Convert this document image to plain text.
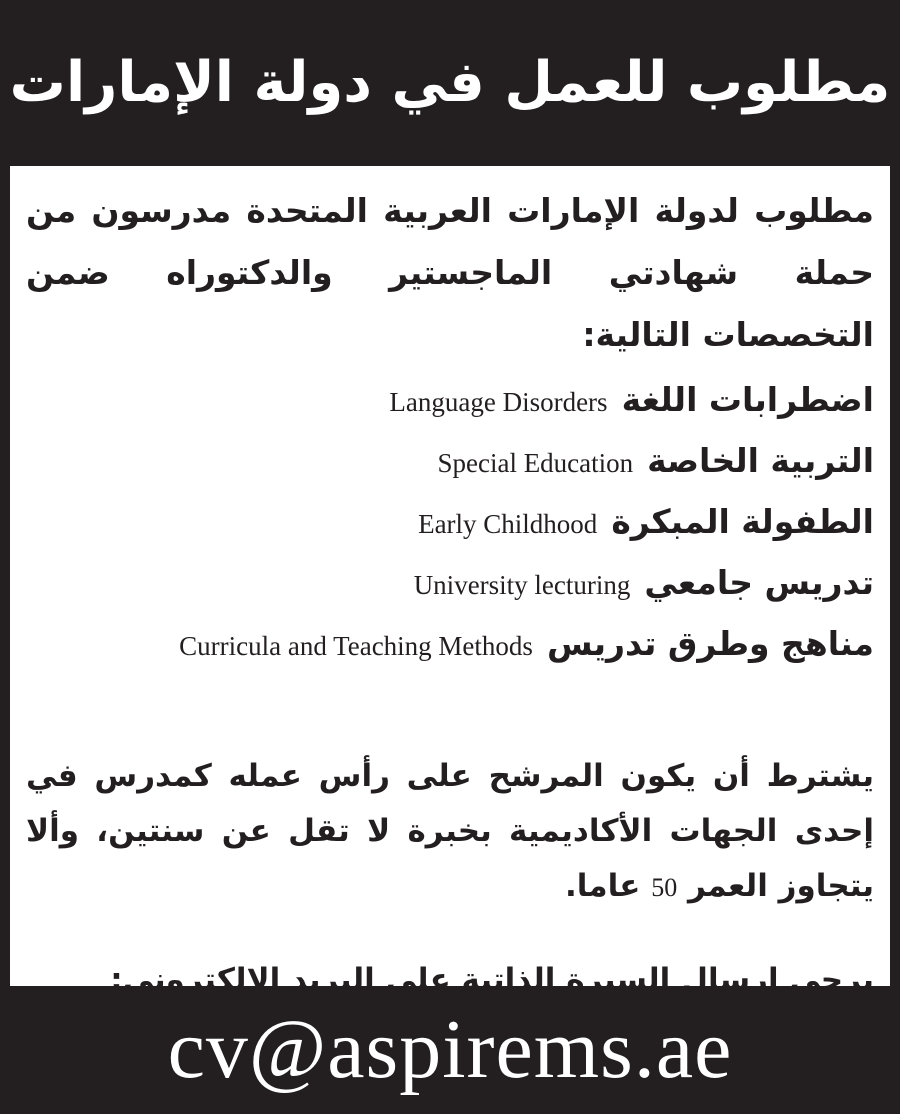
مطلوب للعمل في دولة الإمارات

مطلوب لدولة الإمارات العربية المتحدة مدرسون من حملة شهادتي الماجستير والدكتوراه ضمن التخصصات التالية:

اضطرابات اللغة
Language Disorders
التربية الخاصة
Special Education
الطفولة المبكرة
Early Childhood
تدريس جامعي
University lecturing
مناهج وطرق تدريس
Curricula and Teaching Methods

يشترط أن يكون المرشح على رأس عمله كمدرس في إحدى الجهات الأكاديمية بخبرة لا تقل عن سنتين، وألا يتجاوز العمر 50 عاما.

يرجى إرسال السيرة الذاتية على البريد الإلكتروني:

cv@aspirems.ae
